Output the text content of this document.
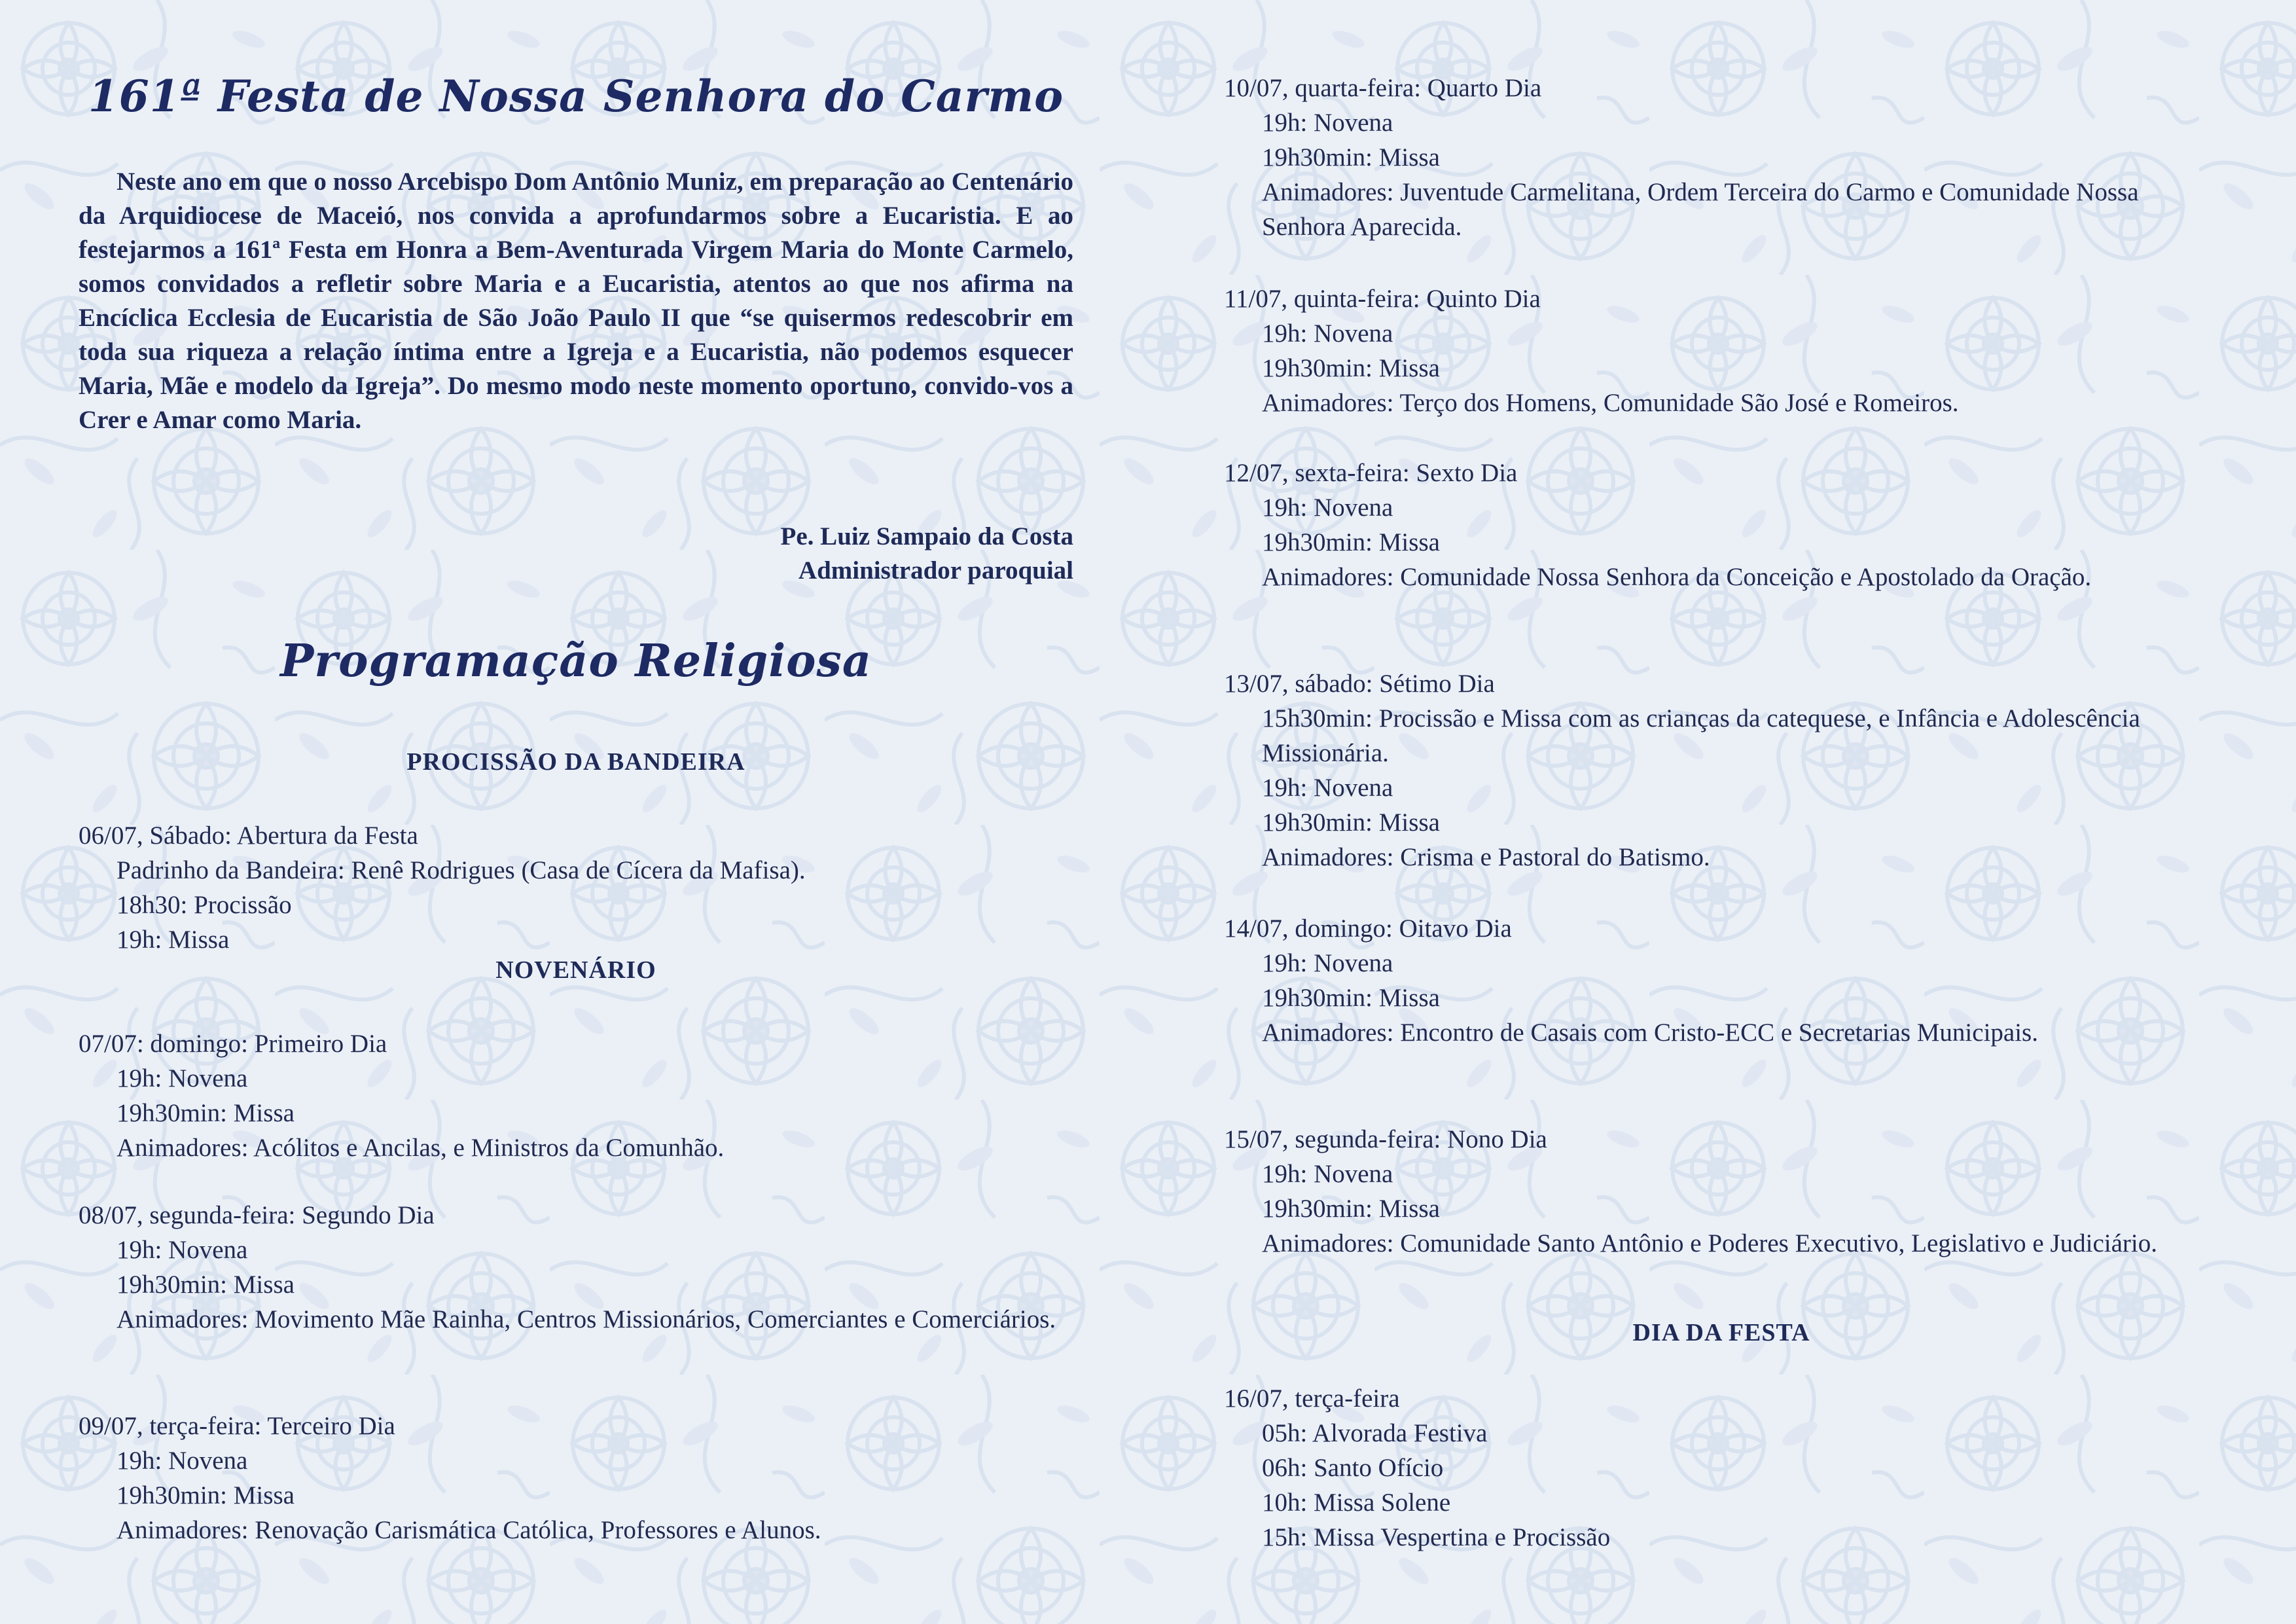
161ª Festa de Nossa Senhora do Carmo
Neste ano em que o nosso Arcebispo Dom Antônio Muniz, em preparação ao Centenário da Arquidiocese de Maceió, nos convida a aprofundarmos sobre a Eucaristia. E ao festejarmos a 161ª Festa em Honra a Bem-Aventurada Virgem Maria do Monte Carmelo, somos convidados a refletir sobre Maria e a Eucaristia, atentos ao que nos afirma na Encíclica Ecclesia de Eucaristia de São João Paulo II que “se quisermos redescobrir em toda sua riqueza a relação íntima entre a Igreja e a Eucaristia, não podemos esquecer Maria, Mãe e modelo da Igreja”. Do mesmo modo neste momento oportuno, convido-vos a Crer e Amar como Maria.
Pe. Luiz Sampaio da Costa
Administrador paroquial
Programação Religiosa
PROCISSÃO DA BANDEIRA
06/07, Sábado: Abertura da Festa
Padrinho da Bandeira: Renê Rodrigues (Casa de Cícera da Mafisa).
18h30: Procissão
19h: Missa
NOVENÁRIO
07/07: domingo: Primeiro Dia
19h: Novena
19h30min: Missa
Animadores: Acólitos e Ancilas, e Ministros da Comunhão.
08/07, segunda-feira: Segundo Dia
19h: Novena
19h30min: Missa
Animadores: Movimento Mãe Rainha, Centros Missionários, Comerciantes e Comerciários.
09/07, terça-feira: Terceiro Dia
19h: Novena
19h30min: Missa
Animadores: Renovação Carismática Católica, Professores e Alunos.
10/07, quarta-feira: Quarto Dia
19h: Novena
19h30min: Missa
Animadores: Juventude Carmelitana, Ordem Terceira do Carmo e Comunidade Nossa Senhora Aparecida.
11/07, quinta-feira: Quinto Dia
19h: Novena
19h30min: Missa
Animadores: Terço dos Homens, Comunidade São José e Romeiros.
12/07, sexta-feira: Sexto Dia
19h: Novena
19h30min: Missa
Animadores: Comunidade Nossa Senhora da Conceição e Apostolado da Oração.
13/07, sábado: Sétimo Dia
15h30min: Procissão e Missa com as crianças da catequese, e Infância e Adolescência Missionária.
19h: Novena
19h30min: Missa
Animadores: Crisma e Pastoral do Batismo.
14/07, domingo: Oitavo Dia
19h: Novena
19h30min: Missa
Animadores: Encontro de Casais com Cristo-ECC e Secretarias Municipais.
15/07, segunda-feira: Nono Dia
19h: Novena
19h30min: Missa
Animadores: Comunidade Santo Antônio e Poderes Executivo, Legislativo e Judiciário.
DIA DA FESTA
16/07, terça-feira
05h: Alvorada Festiva
06h: Santo Ofício
10h: Missa Solene
15h: Missa Vespertina e Procissão
